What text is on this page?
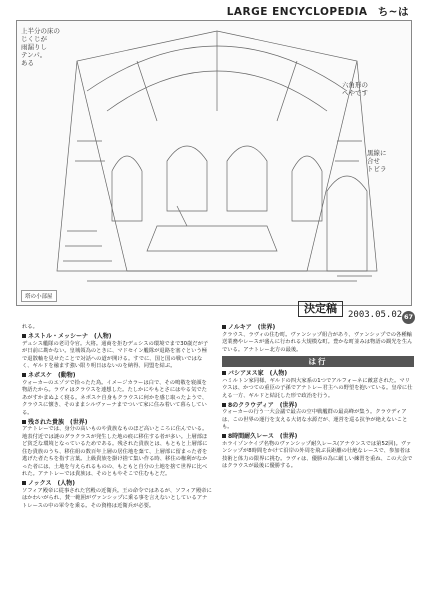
LARGE ENCYCLOPEDIA ち~は
上半分の床の
じくじが
雨漏りし
テンパ。
ある
六角形の
へやです
黒線に
合せ
トビラ
塔の小部屋
決定稿	2003.05.02 67
れる。
ネストル・メッシーナ (人物)
デュシス艦隊の老司令官。大将。通商を拒むデュシスの環境でまで30歳だが子が日前に勘かない。皇城領為のときに、マドセイン艦隊が退路を塞ぐという極で退散軸を見せたことで対話への道が開ける。すでに、国と国の戦いではなく、ギルドを融ます強い限り明日はないのを納得、同盟を結ぶ。
ネボスケ (動物)
ウォーカーのエゾツで拾ったた鳥。イメージカラーは白で、その鳴敬を寝顔を物語たから。ラヴィはクラウスを連想した。たしかにやもとさにはやる気でたあがすかまぬよく寝る。ネボスケ自身もクラウスに何かを感じ取ったようで、クラウスに懐き、そのままシルヴァーナまでついて家に住み着いて暮らしている。
残された貴族 (世界)
アナトレーでは、身分の高いものや貴族なものほど高いところに住んでいる。地表付近では謎のグラクラスが発生した地の痕に移住する者が多い。上層部ほど貧乏な環境となっているためである。残された貴族とは、もともと上層部に住む貴族のうち、移住組の数百年上層の居住地を棄て、上層部に留まった者を逃げた者たちを指す言葉。上級貴族を掛け捨て集い作る時、移住の権利がなかった者には、土地を与えられるものの、もともと自分の土地を捨て世界に比べれた。アナトレーでは貴族は、そのともやそこで住むもとだ。
ノックス (人物)
ソフィア殿帝に従事された宮殿の近衛兵。王の命令ではあるが、ソフィア殿帝にはかわいがられ、賛一範囲がヴァンシップに乗る事を言えないとしているアナトレースの中の軍令を乗る。その資格は近衛兵が必要。
ノルキア (世界)
クラウス、ラヴィの住む町。ヴァンシップ組合があり、ヴァンシップでの各種輸送業務やレースが盛んに行われる大規模な町。豊かな町並みは物語の観光を生んでいる。アナトレー北方の最後。
は行
バシアヌス家 (人物)
ハミルトン家同様、ギルドの四大家系の1つでアルフォーネに敵意された。マリウスは、かつての重臣の子孫でアナトレー君主への野望を抱いている。皇帝に仕える一方、ギルドと結託した形で政治を行う。
8のクラウディア (世界)
ウォーカーの行う一大会議で最古の空中戦艦群の最高峰が集う。クラウディアは、この世界の運行を支える大切な水源だが、運営を巡る抗争が絶えないことも。
8時間耐久レース (世界)
ホライゾンケイブ名物のヴァンシップ耐久レース(アナウンスでは第52回)。ヴァンシップが8時間をかけて沿岸の外周を飛ぶ長距離の壮絶なレースで、参加者は技術と体力の限界に挑む。ラヴィは、優勝の為に厳しい練習を重ね、この大会ではクラウスが最後に優勝する。
